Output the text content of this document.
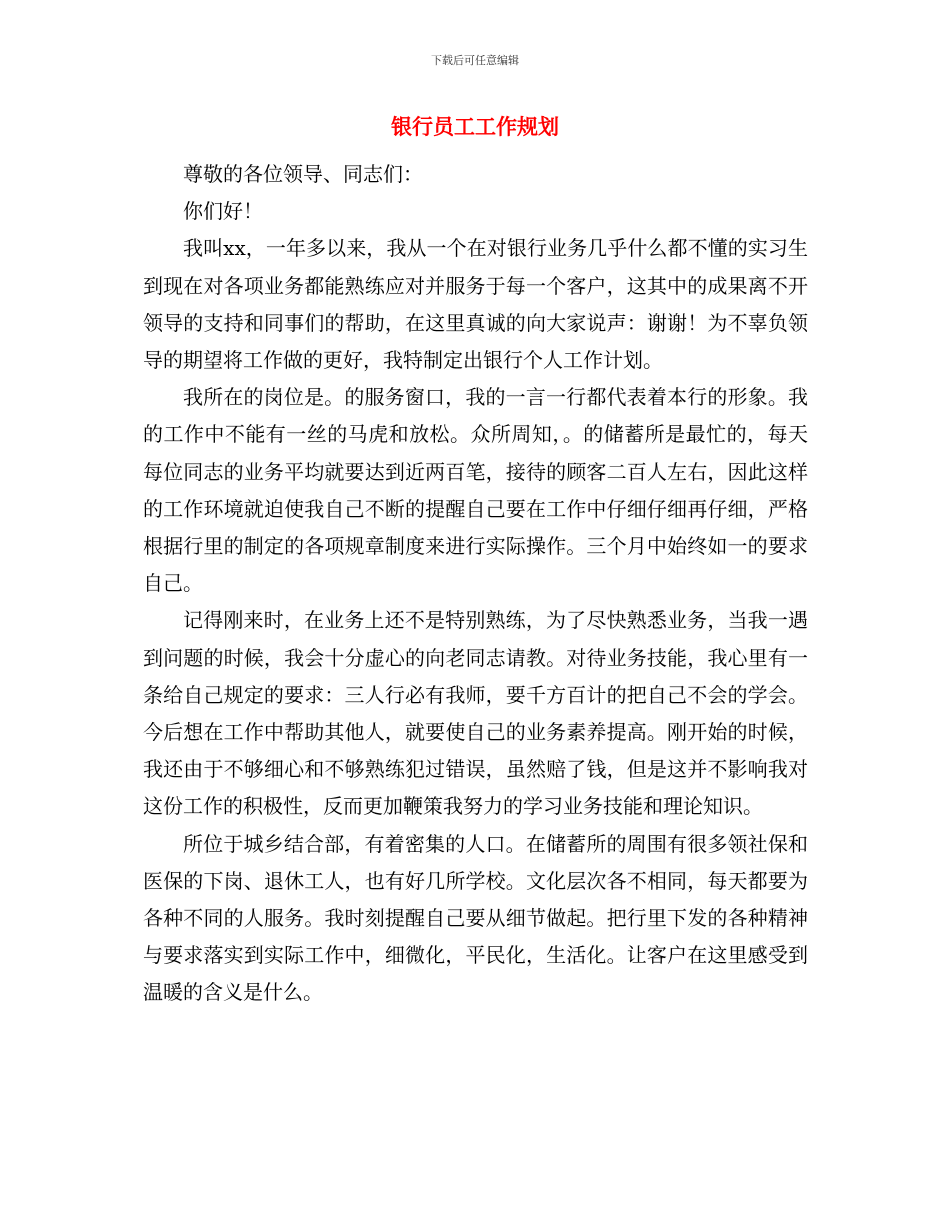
下载后可任意编辑
银行员工工作规划

尊敬的各位领导、同志们：

你们好！

我叫xx，一年多以来，我从一个在对银行业务几乎什么都不懂的实习生到现在对各项业务都能熟练应对并服务于每一个客户，这其中的成果离不开领导的支持和同事们的帮助，在这里真诚的向大家说声：谢谢！为不辜负领导的期望将工作做的更好，我特制定出银行个人工作计划。

我所在的岗位是。的服务窗口，我的一言一行都代表着本行的形象。我的工作中不能有一丝的马虎和放松。众所周知，。的储蓄所是最忙的，每天每位同志的业务平均就要达到近两百笔，接待的顾客二百人左右，因此这样的工作环境就迫使我自己不断的提醒自己要在工作中仔细仔细再仔细，严格根据行里的制定的各项规章制度来进行实际操作。三个月中始终如一的要求自己。

记得刚来时，在业务上还不是特别熟练，为了尽快熟悉业务，当我一遇到问题的时候，我会十分虚心的向老同志请教。对待业务技能，我心里有一条给自己规定的要求：三人行必有我师，要千方百计的把自己不会的学会。今后想在工作中帮助其他人，就要使自己的业务素养提高。刚开始的时候，我还由于不够细心和不够熟练犯过错误，虽然赔了钱，但是这并不影响我对这份工作的积极性，反而更加鞭策我努力的学习业务技能和理论知识。

所位于城乡结合部，有着密集的人口。在储蓄所的周围有很多领社保和医保的下岗、退休工人，也有好几所学校。文化层次各不相同，每天都要为各种不同的人服务。我时刻提醒自己要从细节做起。把行里下发的各种精神与要求落实到实际工作中，细微化，平民化，生活化。让客户在这里感受到温暖的含义是什么。
